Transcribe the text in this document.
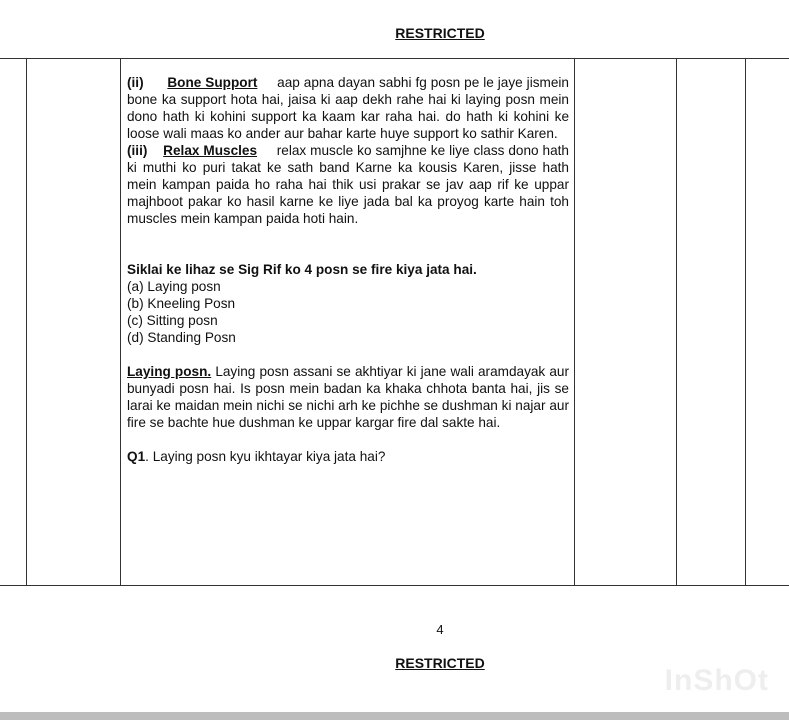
RESTRICTED

(ii) Bone Support aap apna dayan sabhi fg posn pe le jaye jismein bone ka support hota hai, jaisa ki aap dekh rahe hai ki laying posn mein dono hath ki kohini support ka kaam kar raha hai. do hath ki kohini ke loose wali maas ko ander aur bahar karte huye support ko sathir Karen.

(iii) Relax Muscles relax muscle ko samjhne ke liye class dono hath ki muthi ko puri takat ke sath band Karne ka kousis Karen, jisse hath mein kampan paida ho raha hai thik usi prakar se jav aap rif ke uppar majhboot pakar ko hasil karne ke liye jada bal ka proyog karte hain toh muscles mein kampan paida hoti hain.

Siklai ke lihaz se Sig Rif ko 4 posn se fire kiya jata hai.

(a) Laying posn

(b) Kneeling Posn

(c) Sitting posn

(d) Standing Posn

Laying posn. Laying posn assani se akhtiyar ki jane wali aramdayak aur bunyadi posn hai. Is posn mein badan ka khaka chhota banta hai, jis se larai ke maidan mein nichi se nichi arh ke pichhe se dushman ki najar aur fire se bachte hue dushman ke uppar kargar fire dal sakte hai.

Q1. Laying posn kyu ikhtayar kiya jata hai?

4
RESTRICTED
InShOt
